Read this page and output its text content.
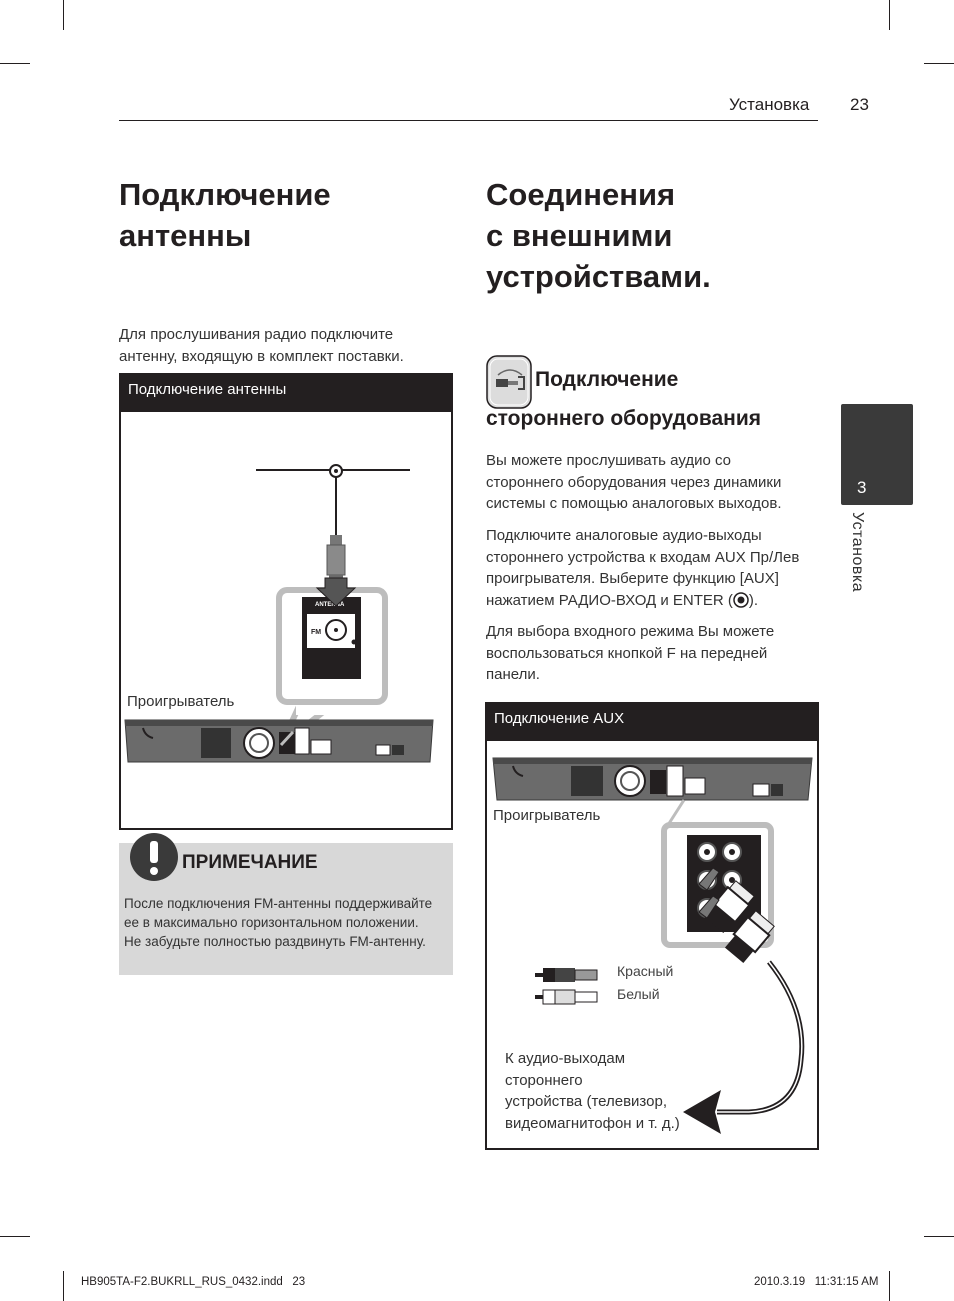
Установка 23
Подключение
антенны
Для прослушивания радио подключите
антенну, входящую в комплект поставки.
Подключение антенны
ANTENNA
FM
Проигрыватель
ПРИМЕЧАНИЕ
После подключения FM-антенны поддерживайте
ее в максимально горизонтальном положении.
Не забудьте полностью раздвинуть FM-антенну.
Соединения
с внешними
устройствами.
Подключение
стороннего оборудования
Вы можете прослушивать аудио со
стороннего оборудования через динамики
системы с помощью аналоговых выходов.
Подключите аналоговые аудио-выходы
стороннего устройства к входам AUX Пр/Лев
проигрывателя. Выберите функцию [AUX]
нажатием РАДИО-ВХОД и ENTER ( ).
Для выбора входного режима Вы можете
воспользоваться кнопкой F на передней
панели.
Подключение AUX
Проигрыватель
Красный
Белый
К аудио-выходам
стороннего
устройства (телевизор,
видеомагнитофон и т. д.)
3
Установка
HB905TA-F2.BUKRLL_RUS_0432.indd   23	2010.3.19   11:31:15 AM
